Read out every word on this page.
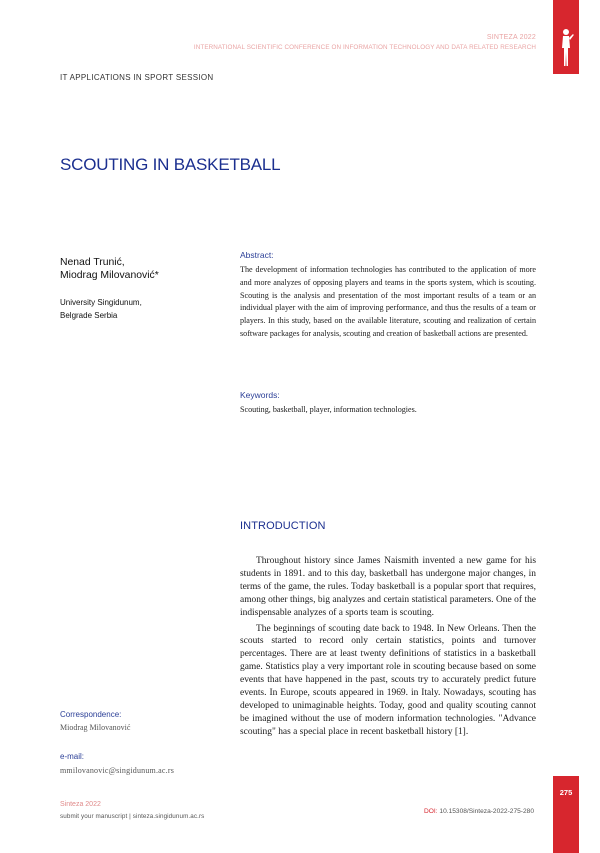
SINTEZA 2022
INTERNATIONAL SCIENTIFIC CONFERENCE ON INFORMATION TECHNOLOGY AND DATA RELATED RESEARCH
IT APPLICATIONS IN SPORT SESSION
SCOUTING IN BASKETBALL
Nenad Trunić,
Miodrag Milovanović*
University Singidunum,
Belgrade Serbia
Correspondence:
Miodrag Milovanović
e-mail:
mmilovanovic@singidunum.ac.rs
Abstract:
The development of information technologies has contributed to the application of more and more analyzes of opposing players and teams in the sports system, which is scouting. Scouting is the analysis and presentation of the most important results of a team or an individual player with the aim of improving performance, and thus the results of a team or players. In this study, based on the available literature, scouting and realization of certain software packages for analysis, scouting and creation of basketball actions are presented.
Keywords:
Scouting, basketball, player, information technologies.
INTRODUCTION

Throughout history since James Naismith invented a new game for his students in 1891. and to this day, basketball has undergone major changes, in terms of the game, the rules. Today basketball is a popular sport that requires, among other things, big analyzes and certain statistical parameters. One of the indispensable analyzes of a sports team is scouting.

The beginnings of scouting date back to 1948. In New Orleans. Then the scouts started to record only certain statistics, points and turnover percentages. There are at least twenty definitions of statistics in a basketball game. Statistics play a very important role in scouting because based on some events that have happened in the past, scouts try to accurately predict future events. In Europe, scouts appeared in 1969. in Italy. Nowadays, scouting has developed to unimaginable heights. Today, good and quality scouting cannot be imagined without the use of modern information technologies. "Advance scouting" has a special place in recent basketball history [1].

Sinteza 2022
submit your manuscript | sinteza.singidunum.ac.rs
DOI: 10.15308/Sinteza-2022-275-280
275
